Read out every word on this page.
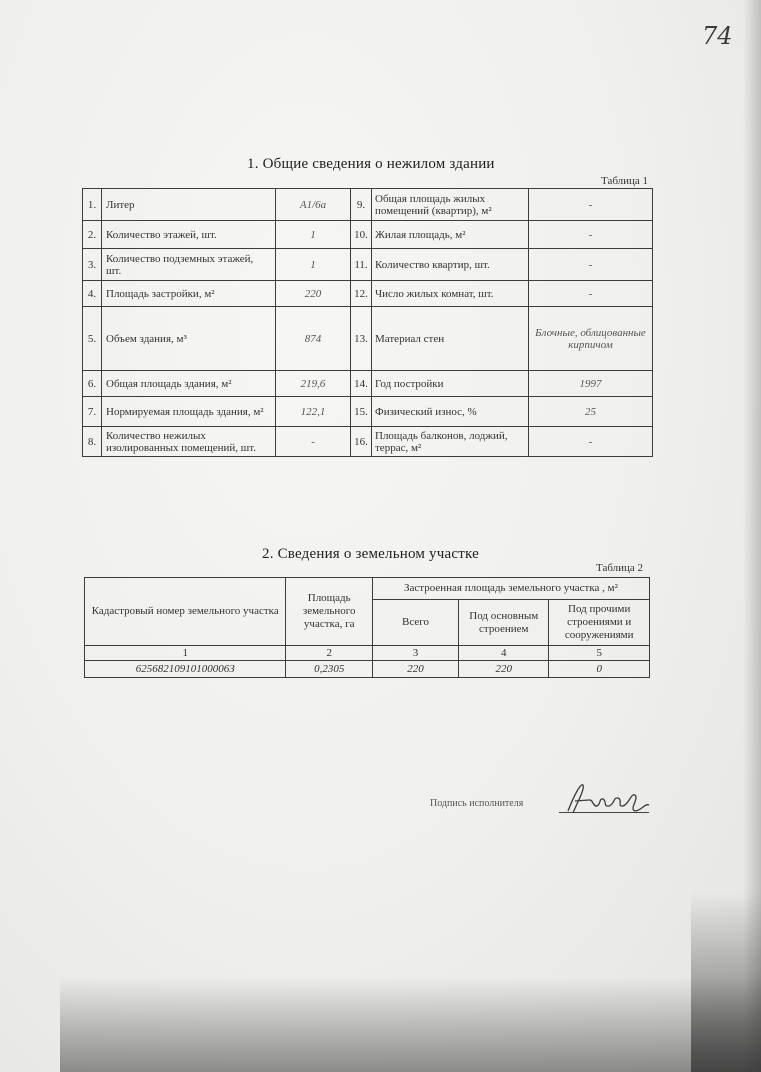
74
1. Общие сведения о нежилом здании
Таблица 1
1.	Литер	А1/6а	9.	Общая площадь жилых помещений (квартир), м²	-
2.	Количество этажей, шт.	1	10.	Жилая площадь, м²	-
3.	Количество подземных этажей, шт.	1	11.	Количество квартир, шт.	-
4.	Площадь застройки, м²	220	12.	Число жилых комнат, шт.	-
5.	Объем здания, м³	874	13.	Материал стен	Блочные, облицованные кирпичом
6.	Общая площадь здания, м²	219,6	14.	Год постройки	1997
7.	Нормируемая площадь здания, м²	122,1	15.	Физический износ, %	25
8.	Количество нежилых изолированных помещений, шт.	-	16.	Площадь балконов, лоджий, террас, м²	-
2. Сведения о земельном участке
Таблица 2
Кадастровый номер земельного участка	Площадь земельного участка, га	Застроенная площадь земельного участка , м²		
		Всего	Под основным строением	Под прочими строениями и сооружениями
1	2	3	4	5
62568210910100006З	0,2305	220	220	0
Подпись исполнителя
